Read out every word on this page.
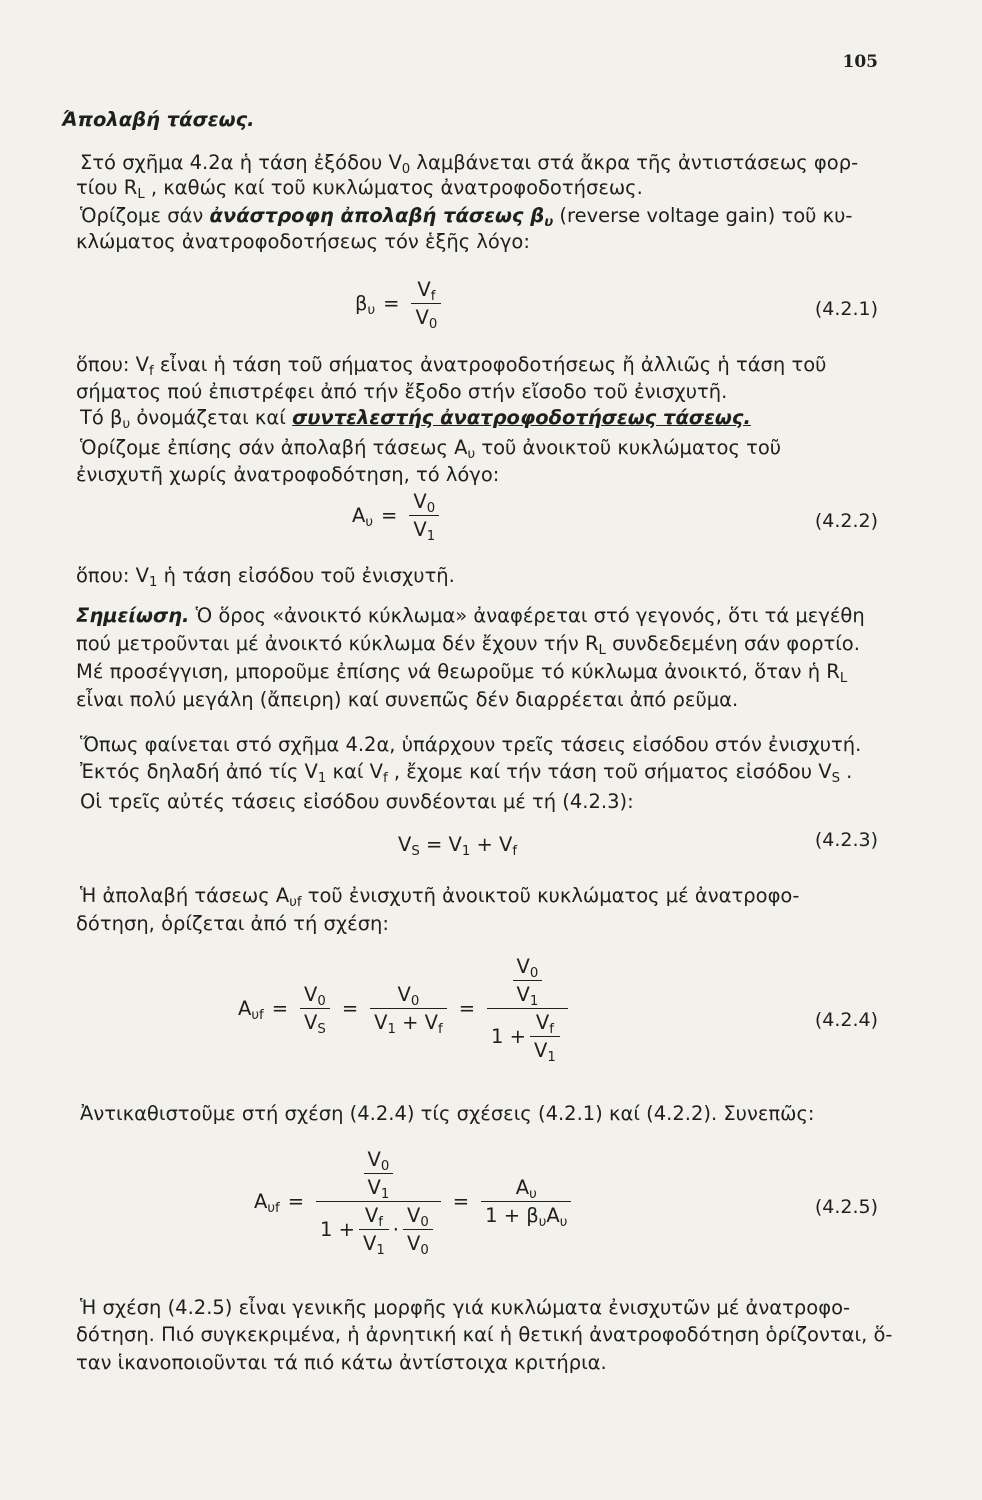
105
Άπολαβή τάσεως.
Στό σχῆμα 4.2α ἡ τάση ἐξόδου $V_0$ λαμβάνεται στά ἄκρα τῆς ἀντιστάσεως φορ-
τίου $R_L$ , καθώς καί τοῦ κυκλώματος ἀνατροφοδοτήσεως.
Ὁρίζομε σάν ἀνάστροφη ἀπολαβή τάσεως $\beta_\upsilon$ (reverse voltage gain) τοῦ κυ-
κλώματος ἀνατροφοδοτήσεως τόν ἑξῆς λόγο:
$\beta_\upsilon = \frac{V_f}{V_0}$	(4.2.1)
ὅπου: $V_f$ εἶναι ἡ τάση τοῦ σήματος ἀνατροφοδοτήσεως ἤ ἀλλιῶς ἡ τάση τοῦ
σήματος πού ἐπιστρέφει ἀπό τήν ἔξοδο στήν εἴσοδο τοῦ ἐνισχυτῆ.
Τό $\beta_\upsilon$ ὀνομάζεται καί συντελεστής ἀνατροφοδοτήσεως τάσεως.
Ὁρίζομε ἐπίσης σάν ἀπολαβή τάσεως $A_\upsilon$ τοῦ ἀνοικτοῦ κυκλώματος τοῦ
ἐνισχυτῆ χωρίς ἀνατροφοδότηση, τό λόγο:
$A_\upsilon = \frac{V_0}{V_1}$	(4.2.2)
ὅπου: $V_1$ ἡ τάση εἰσόδου τοῦ ἐνισχυτῆ.
Σημείωση. Ὁ ὅρος «ἀνοικτό κύκλωμα» ἀναφέρεται στό γεγονός, ὅτι τά μεγέθη
πού μετροῦνται μέ ἀνοικτό κύκλωμα δέν ἔχουν τήν $R_L$ συνδεδεμένη σάν φορτίο.
Μέ προσέγγιση, μποροῦμε ἐπίσης νά θεωροῦμε τό κύκλωμα ἀνοικτό, ὅταν ἡ $R_L$
εἶναι πολύ μεγάλη (ἄπειρη) καί συνεπῶς δέν διαρρέεται ἀπό ρεῦμα.
Ὅπως φαίνεται στό σχῆμα 4.2α, ὑπάρχουν τρεῖς τάσεις εἰσόδου στόν ἐνισχυτή.
Ἐκτός δηλαδή ἀπό τίς $V_1$ καί $V_f$ , ἔχομε καί τήν τάση τοῦ σήματος εἰσόδου $V_S$ .
Οἱ τρεῖς αὐτές τάσεις εἰσόδου συνδέονται μέ τή (4.2.3):
$V_S = V_1 + V_f$
(4.2.3)
Ἡ ἀπολαβή τάσεως $A_{\upsilon f}$ τοῦ ἐνισχυτῆ ἀνοικτοῦ κυκλώματος μέ ἀνατροφο-
δότηση, ὁρίζεται ἀπό τή σχέση:
$A_{\upsilon f} = \frac{V_0}{V_S} = \frac{V_0}{V_1 + V_f} = \frac{\frac{V_0}{V_1}}{1 + \frac{V_f}{V_1}}$	(4.2.4)
Ἀντικαθιστοῦμε στή σχέση (4.2.4) τίς σχέσεις (4.2.1) καί (4.2.2). Συνεπῶς:
$A_{\upsilon f} = \frac{\frac{V_0}{V_1}}{1 + \frac{V_f}{V_1} \cdot \frac{V_0}{V_0}} = \frac{A_\upsilon}{1 + \beta_\upsilon A_\upsilon}$	(4.2.5)
Ἡ σχέση (4.2.5) εἶναι γενικῆς μορφῆς γιά κυκλώματα ἐνισχυτῶν μέ ἀνατροφο-
δότηση. Πιό συγκεκριμένα, ἡ ἀρνητική καί ἡ θετική ἀνατροφοδότηση ὁρίζονται, ὅ-
ταν ἱκανοποιοῦνται τά πιό κάτω ἀντίστοιχα κριτήρια.
